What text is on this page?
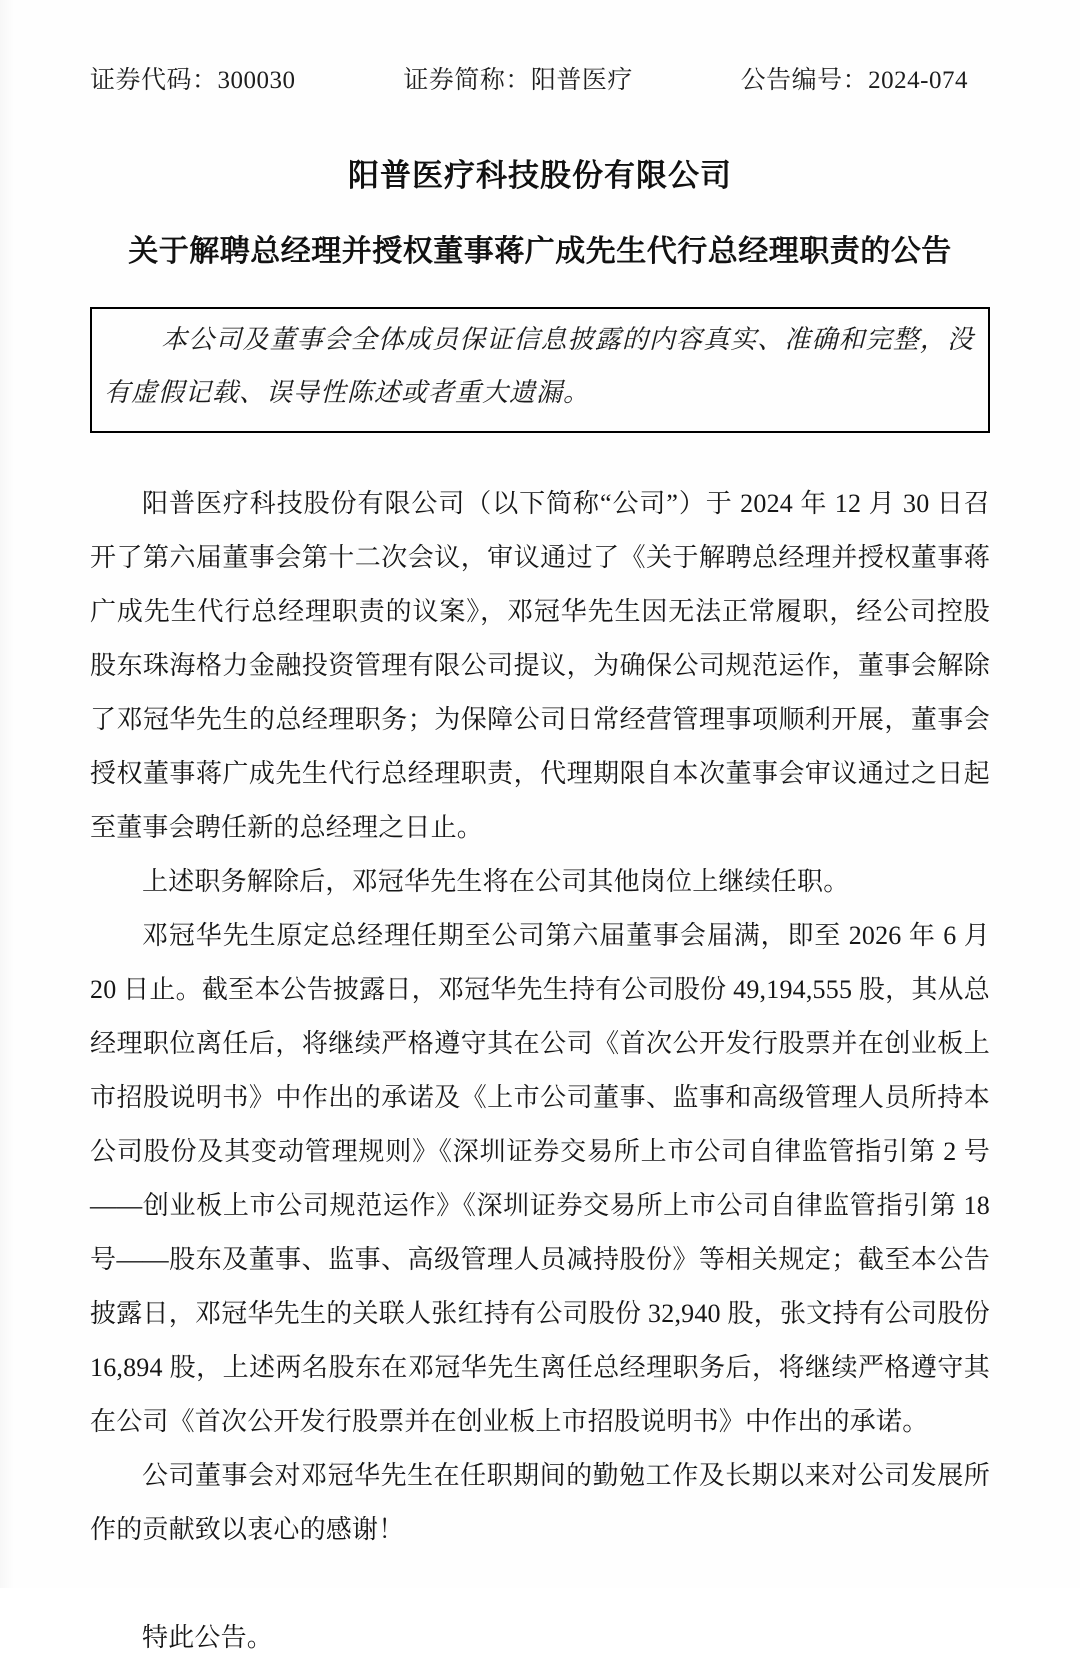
证券代码：300030	证券简称：阳普医疗	公告编号：2024-074
阳普医疗科技股份有限公司
关于解聘总经理并授权董事蒋广成先生代行总经理职责的公告

本公司及董事会全体成员保证信息披露的内容真实、准确和完整，没有虚假记载、误导性陈述或者重大遗漏。

阳普医疗科技股份有限公司（以下简称“公司”）于 2024 年 12 月 30 日召开了第六届董事会第十二次会议，审议通过了《关于解聘总经理并授权董事蒋广成先生代行总经理职责的议案》，邓冠华先生因无法正常履职，经公司控股股东珠海格力金融投资管理有限公司提议，为确保公司规范运作，董事会解除了邓冠华先生的总经理职务；为保障公司日常经营管理事项顺利开展，董事会授权董事蒋广成先生代行总经理职责，代理期限自本次董事会审议通过之日起至董事会聘任新的总经理之日止。

上述职务解除后，邓冠华先生将在公司其他岗位上继续任职。

邓冠华先生原定总经理任期至公司第六届董事会届满，即至 2026 年 6 月 20 日止。截至本公告披露日，邓冠华先生持有公司股份 49,194,555 股，其从总经理职位离任后，将继续严格遵守其在公司《首次公开发行股票并在创业板上市招股说明书》中作出的承诺及《上市公司董事、监事和高级管理人员所持本公司股份及其变动管理规则》《深圳证券交易所上市公司自律监管指引第 2 号——创业板上市公司规范运作》《深圳证券交易所上市公司自律监管指引第 18 号——股东及董事、监事、高级管理人员减持股份》等相关规定；截至本公告披露日，邓冠华先生的关联人张红持有公司股份 32,940 股，张文持有公司股份 16,894 股，上述两名股东在邓冠华先生离任总经理职务后，将继续严格遵守其在公司《首次公开发行股票并在创业板上市招股说明书》中作出的承诺。

公司董事会对邓冠华先生在任职期间的勤勉工作及长期以来对公司发展所作的贡献致以衷心的感谢！

特此公告。
